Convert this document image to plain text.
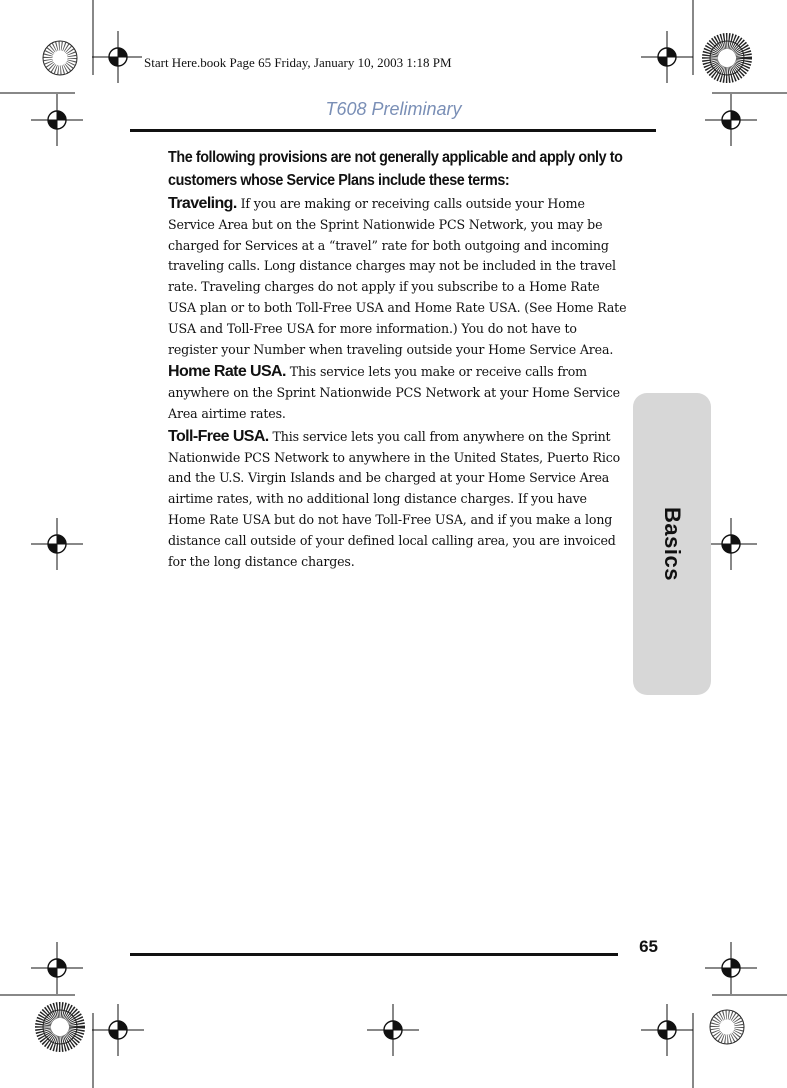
Start Here.book Page 65 Friday, January 10, 2003 1:18 PM
T608 Preliminary
Basics

The following provisions are not generally applicable and apply only to customers whose Service Plans include these terms:

Traveling. If you are making or receiving calls outside your Home Service Area but on the Sprint Nationwide PCS Network, you may be charged for Services at a “travel” rate for both outgoing and incoming traveling calls. Long distance charges may not be included in the travel rate. Traveling charges do not apply if you subscribe to a Home Rate USA plan or to both Toll-Free USA and Home Rate USA. (See Home Rate USA and Toll-Free USA for more information.) You do not have to register your Number when traveling outside your Home Service Area.

Home Rate USA. This service lets you make or receive calls from anywhere on the Sprint Nationwide PCS Network at your Home Service Area airtime rates.

Toll-Free USA. This service lets you call from anywhere on the Sprint Nationwide PCS Network to anywhere in the United States, Puerto Rico and the U.S. Virgin Islands and be charged at your Home Service Area airtime rates, with no additional long distance charges. If you have Home Rate USA but do not have Toll-Free USA, and if you make a long distance call outside of your defined local calling area, you are invoiced for the long distance charges.

65
